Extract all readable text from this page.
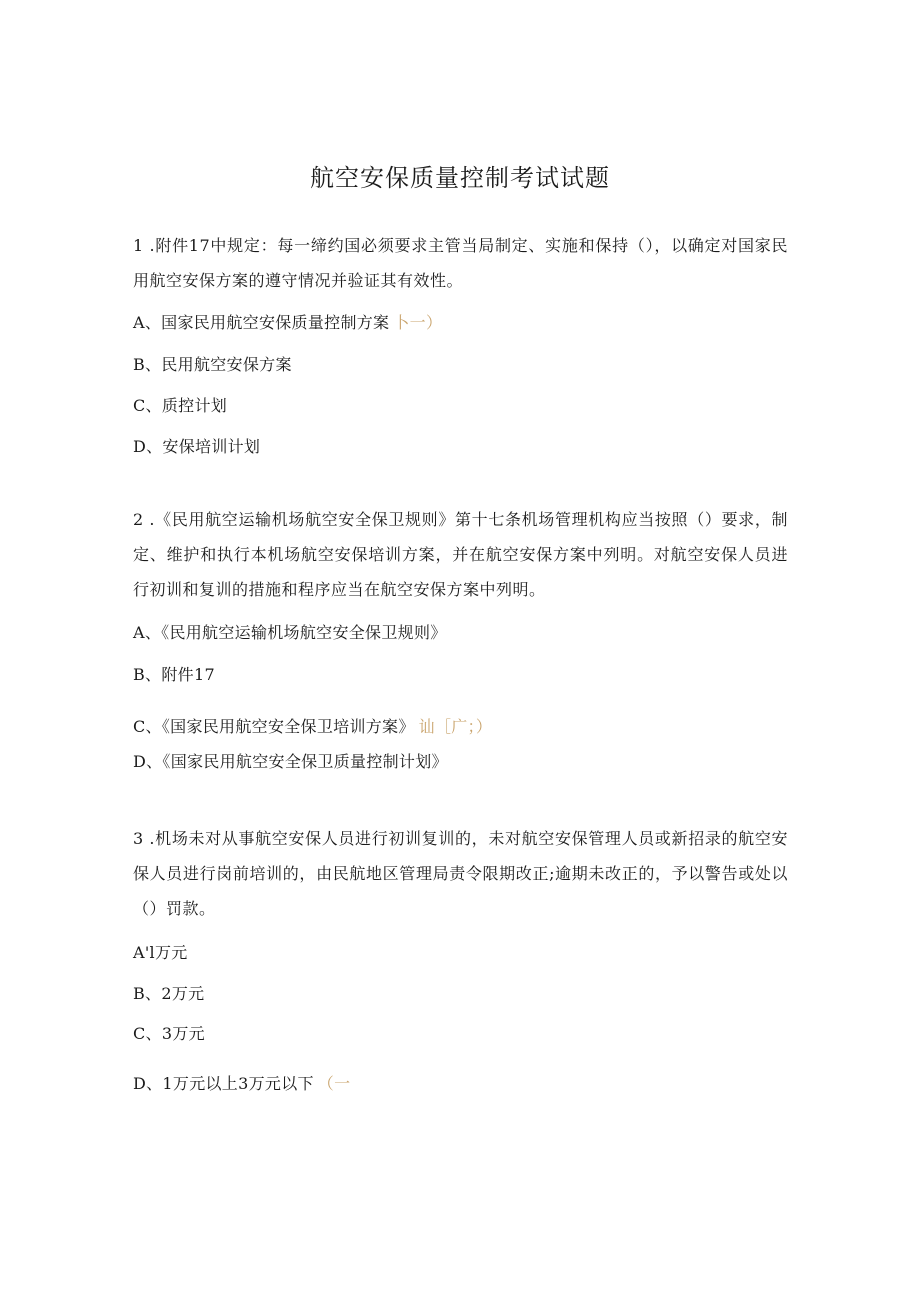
航空安保质量控制考试试题
1 .附件17中规定：每一缔约国必须要求主管当局制定、实施和保持（），以确定对国家民用航空安保方案的遵守情况并验证其有效性。
A、国家民用航空安保质量控制方案 卜一）
B、民用航空安保方案
C、质控计划
D、安保培训计划
2 .《民用航空运输机场航空安全保卫规则》第十七条机场管理机构应当按照（）要求，制定、维护和执行本机场航空安保培训方案，并在航空安保方案中列明。对航空安保人员进行初训和复训的措施和程序应当在航空安保方案中列明。
A、《民用航空运输机场航空安全保卫规则》
B、附件17
C、《国家民用航空安全保卫培训方案》 讪［广；）
D、《国家民用航空安全保卫质量控制计划》
3 .机场未对从事航空安保人员进行初训复训的，未对航空安保管理人员或新招录的航空安保人员进行岗前培训的，由民航地区管理局责令限期改正;逾期未改正的，予以警告或处以（）罚款。
A'l万元
B、2万元
C、3万元
D、1万元以上3万元以下 （一
